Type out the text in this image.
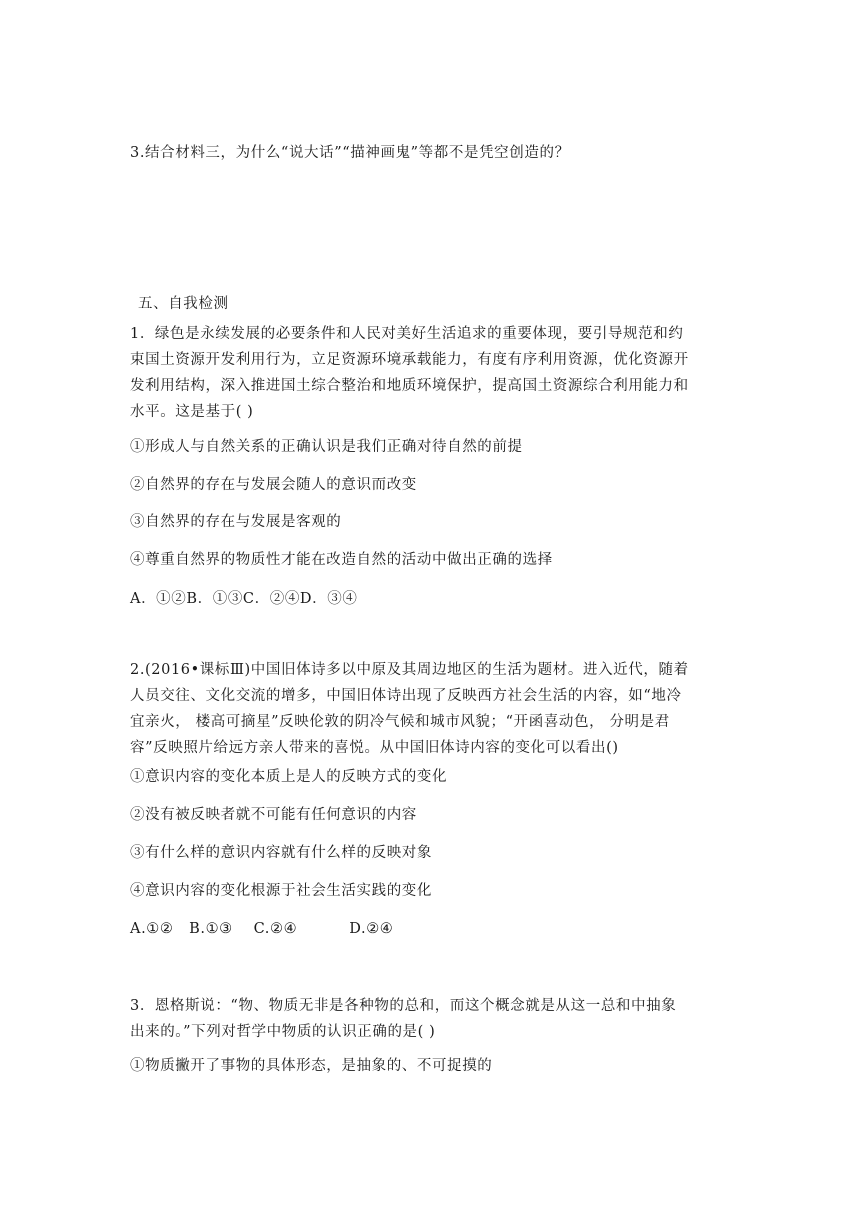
3.结合材料三，为什么“说大话”“描神画鬼”等都不是凭空创造的？
五、自我检测
1．绿色是永续发展的必要条件和人民对美好生活追求的重要体现，要引导规范和约
束国土资源开发利用行为，立足资源环境承载能力，有度有序利用资源，优化资源开
发利用结构，深入推进国土综合整治和地质环境保护，提高国土资源综合利用能力和
水平。这是基于( )
①形成人与自然关系的正确认识是我们正确对待自然的前提
②自然界的存在与发展会随人的意识而改变
③自然界的存在与发展是客观的
④尊重自然界的物质性才能在改造自然的活动中做出正确的选择
A．①②B．①③C．②④D．③④
2.(2016•课标Ⅲ)中国旧体诗多以中原及其周边地区的生活为题材。进入近代，随着
人员交往、文化交流的增多，中国旧体诗出现了反映西方社会生活的内容，如“地冷
宜亲火， 楼高可摘星”反映伦敦的阴冷气候和城市风貌；“开函喜动色， 分明是君
容”反映照片给远方亲人带来的喜悦。从中国旧体诗内容的变化可以看出()
①意识内容的变化本质上是人的反映方式的变化
②没有被反映者就不可能有任何意识的内容
③有什么样的意识内容就有什么样的反映对象
④意识内容的变化根源于社会生活实践的变化
A.①②   B.①③    C.②④          D.②④
3．恩格斯说：“物、物质无非是各种物的总和，而这个概念就是从这一总和中抽象
出来的。”下列对哲学中物质的认识正确的是( )
①物质撇开了事物的具体形态，是抽象的、不可捉摸的
